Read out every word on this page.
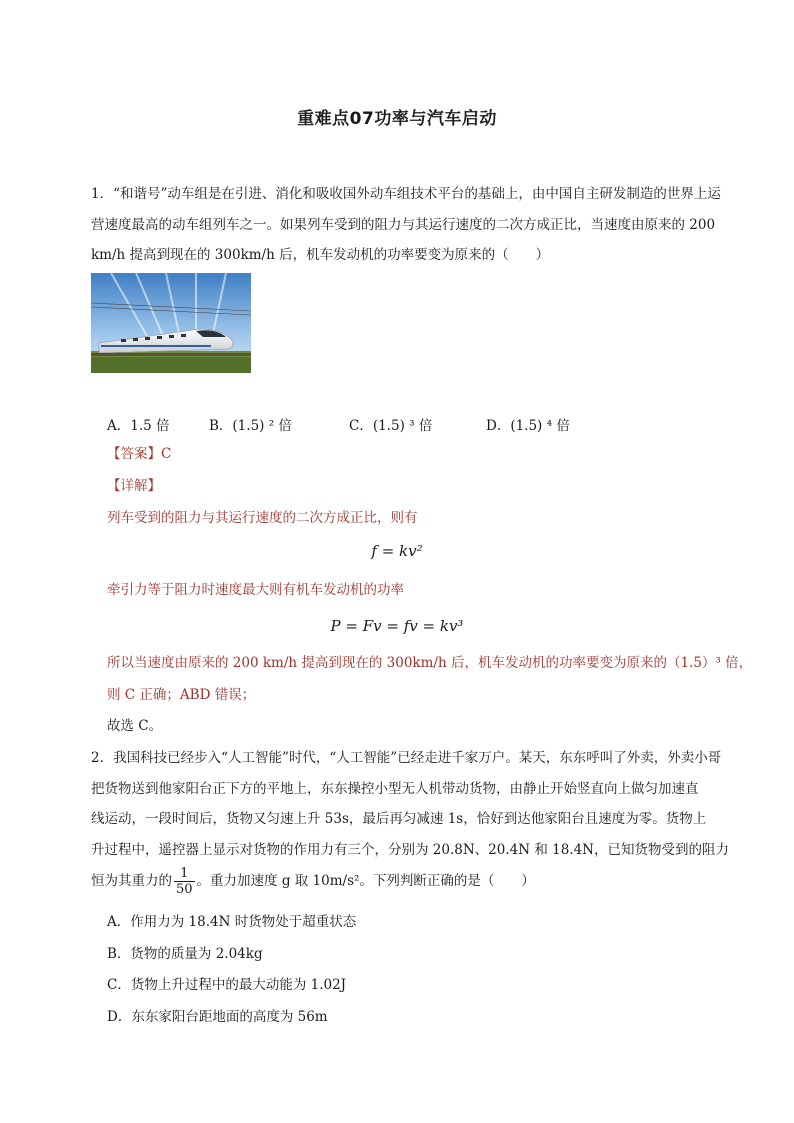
重难点07功率与汽车启动
1．“和谐号”动车组是在引进、消化和吸收国外动车组技术平台的基础上，由中国自主研发制造的世界上运
营速度最高的动车组列车之一。如果列车受到的阻力与其运行速度的二次方成正比，当速度由原来的 200
km/h 提高到现在的 300km/h 后，机车发动机的功率要变为原来的（　　）
A．1.5 倍	B．(1.5) ² 倍	C．(1.5) ³ 倍	D．(1.5) ⁴ 倍
【答案】C
【详解】
列车受到的阻力与其运行速度的二次方成正比，则有
f = kv²
牵引力等于阻力时速度最大则有机车发动机的功率
P = Fv = fv = kv³
所以当速度由原来的 200 km/h 提高到现在的 300km/h 后，机车发动机的功率要变为原来的（1.5）³ 倍，
则 C 正确；ABD 错误；
故选 C。
2．我国科技已经步入“人工智能”时代，“人工智能”已经走进千家万户。某天，东东呼叫了外卖，外卖小哥
把货物送到他家阳台正下方的平地上，东东操控小型无人机带动货物，由静止开始竖直向上做匀加速直
线运动，一段时间后，货物又匀速上升 53s，最后再匀减速 1s，恰好到达他家阳台且速度为零。货物上
升过程中，遥控器上显示对货物的作用力有三个，分别为 20.8N、20.4N 和 18.4N，已知货物受到的阻力
恒为其重力的 $\frac{1}{50}$ 。重力加速度 g 取 10m/s²。下列判断正确的是（　　）
A．作用力为 18.4N 时货物处于超重状态
B．货物的质量为 2.04kg
C．货物上升过程中的最大动能为 1.02J
D．东东家阳台距地面的高度为 56m
